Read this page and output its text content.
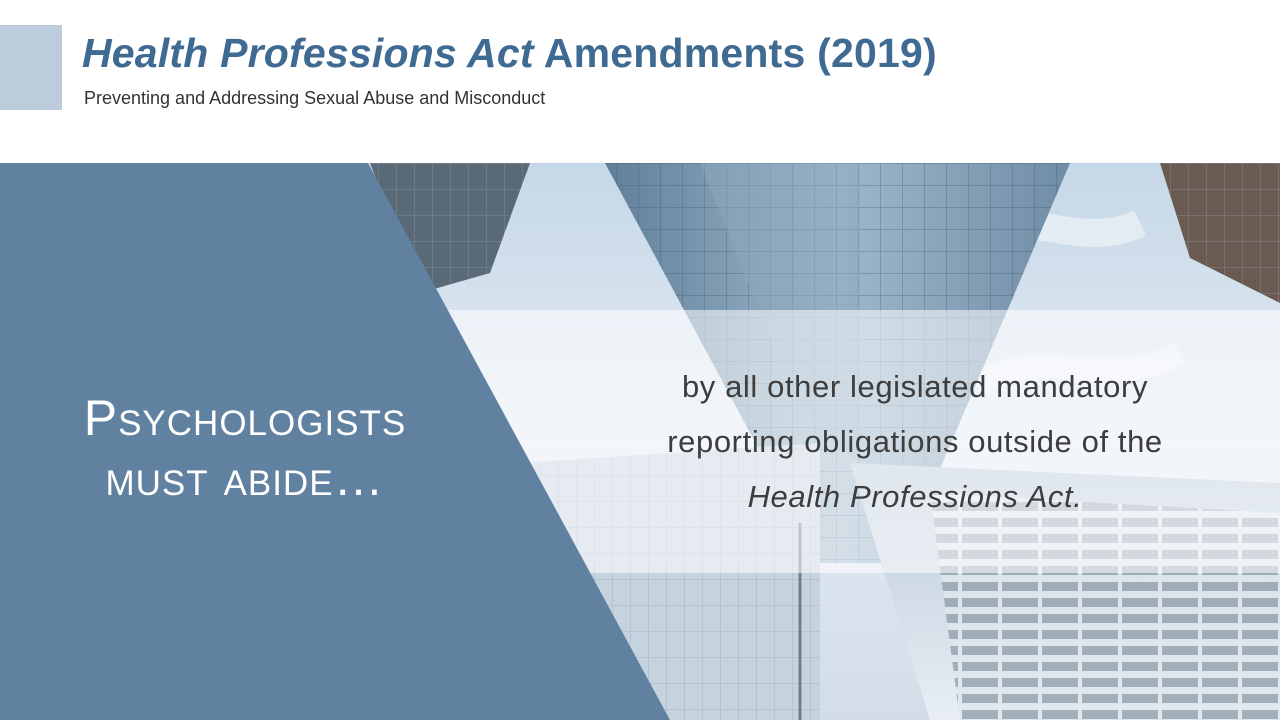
Health Professions Act Amendments (2019)
Preventing and Addressing Sexual Abuse and Misconduct
Psychologists
must abide…
by all other legislated mandatory
reporting obligations outside of the
Health Professions Act.
